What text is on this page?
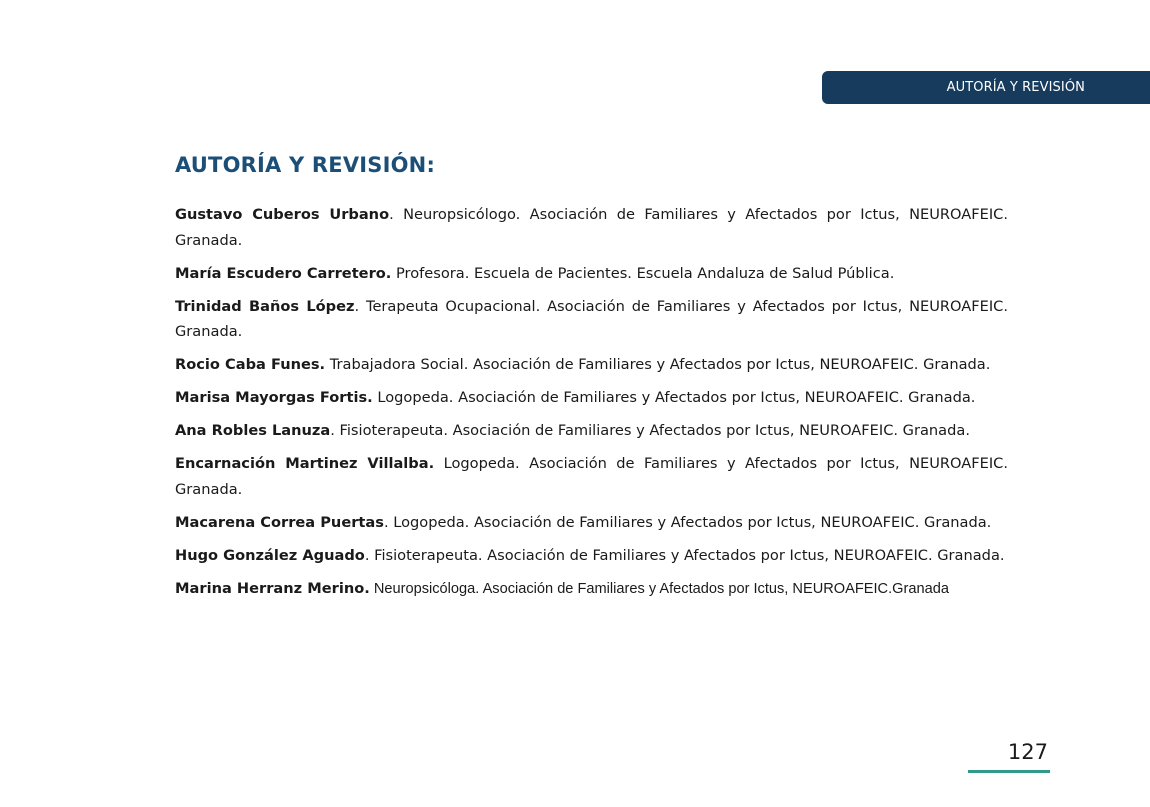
AUTORÍA Y REVISIÓN
AUTORÍA Y REVISIÓN:

Gustavo Cuberos Urbano. Neuropsicólogo. Asociación de Familiares y Afectados por Ictus, NEUROAFEIC. Granada.

María Escudero Carretero. Profesora. Escuela de Pacientes. Escuela Andaluza de Salud Pública.

Trinidad Baños López. Terapeuta Ocupacional. Asociación de Familiares y Afectados por Ictus, NEUROAFEIC. Granada.

Rocio Caba Funes. Trabajadora Social. Asociación de Familiares y Afectados por Ictus, NEUROAFEIC. Granada.

Marisa Mayorgas Fortis. Logopeda. Asociación de Familiares y Afectados por Ictus, NEUROAFEIC. Granada.

Ana Robles Lanuza. Fisioterapeuta. Asociación de Familiares y Afectados por Ictus, NEUROAFEIC. Granada.

Encarnación Martinez Villalba. Logopeda. Asociación de Familiares y Afectados por Ictus, NEUROAFEIC. Granada.

Macarena Correa Puertas. Logopeda. Asociación de Familiares y Afectados por Ictus, NEUROAFEIC. Granada.

Hugo González Aguado. Fisioterapeuta. Asociación de Familiares y Afectados por Ictus, NEUROAFEIC. Granada.

Marina Herranz Merino. Neuropsicóloga. Asociación de Familiares y Afectados por Ictus, NEUROAFEIC.Granada

127
